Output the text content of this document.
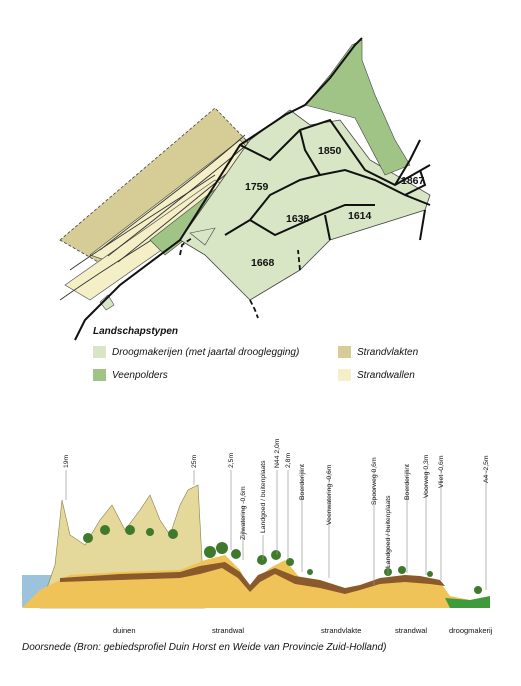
1850
1867
1759
1638	1614
1668
Landschapstypen
Droogmakerijen (met jaartal drooglegging)
Veenpolders
Strandvlakten
Strandwallen
19m	25m	2,5m
Zijlwatering -0,6m Landgoed / buitenplaats
N44 2,0m 2,8m
Boerderijlint	Veenwatering -0,6m	Spoorweg 0,6m
Landgoed / buitenplaats
Boerderijlint Voorweg 0,3m Vliet -0,6m	A4 -2,5m
duinen	strandwal	strandvlakte	strandwal	droogmakerij
Doorsnede (Bron: gebiedsprofiel Duin Horst en Weide van Provincie Zuid-Holland)
